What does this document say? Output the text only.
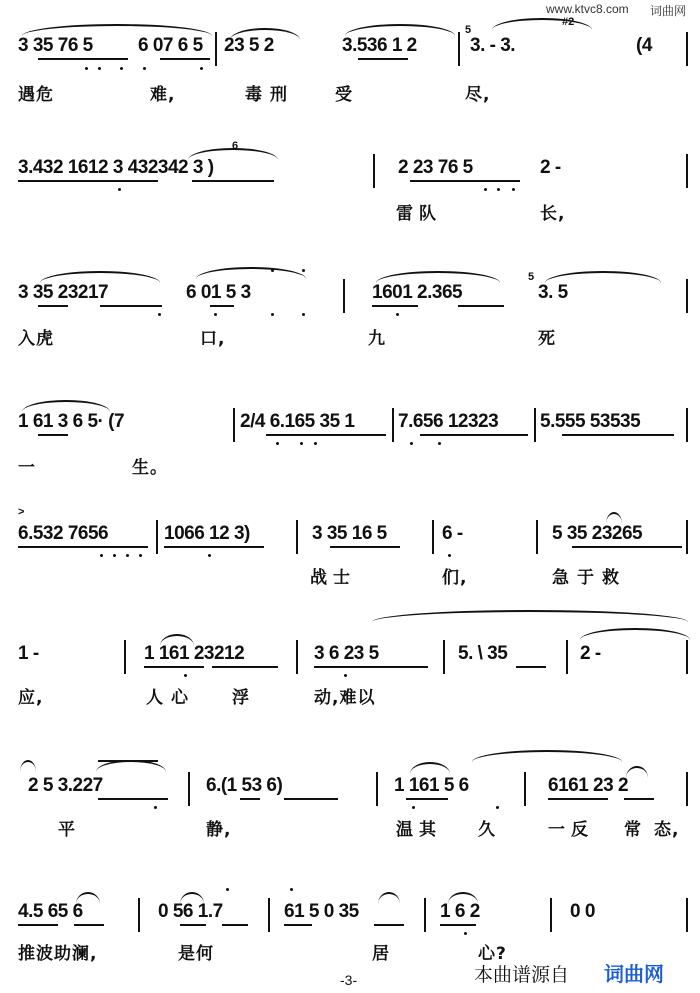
www.ktvc8.com 词曲网
3 35 76 5 6 07 6 5 23 5 2	3.536 1 2
5
#2
3. - 3.	(4
遇危	难,	毒刑 受	尽,
6
3.432 1612 3 432342 3 )	2 23 76 5	2 -
雷队	长,
3 35 23217	6 01 5 3	1601 2.365
5
3. 5
入虎	口,	九	死
1 61 3 6 5· (7	2/4 6.165 35 1 7.656 12323 5.555 53535
一	生。
>
6.532 7656	1066 12 3)	3 35 16 5	6 -	5 35 23265
战士	们,	急于救
1 -	1 161 23212	3 6 23 5	5. \ 35	2 -
应,	人心 浮	动,难以
2 5 3.227	6.(1 53 6)	1 161 5 6	6161 23 2
平	静,	温其 久	一反 常 态,
4.5 65 6	0 56 1.7	61 5 0 35	1 6 2	0 0
推波助澜,	是何	居	心?
-3-	本曲谱源自 词曲网
